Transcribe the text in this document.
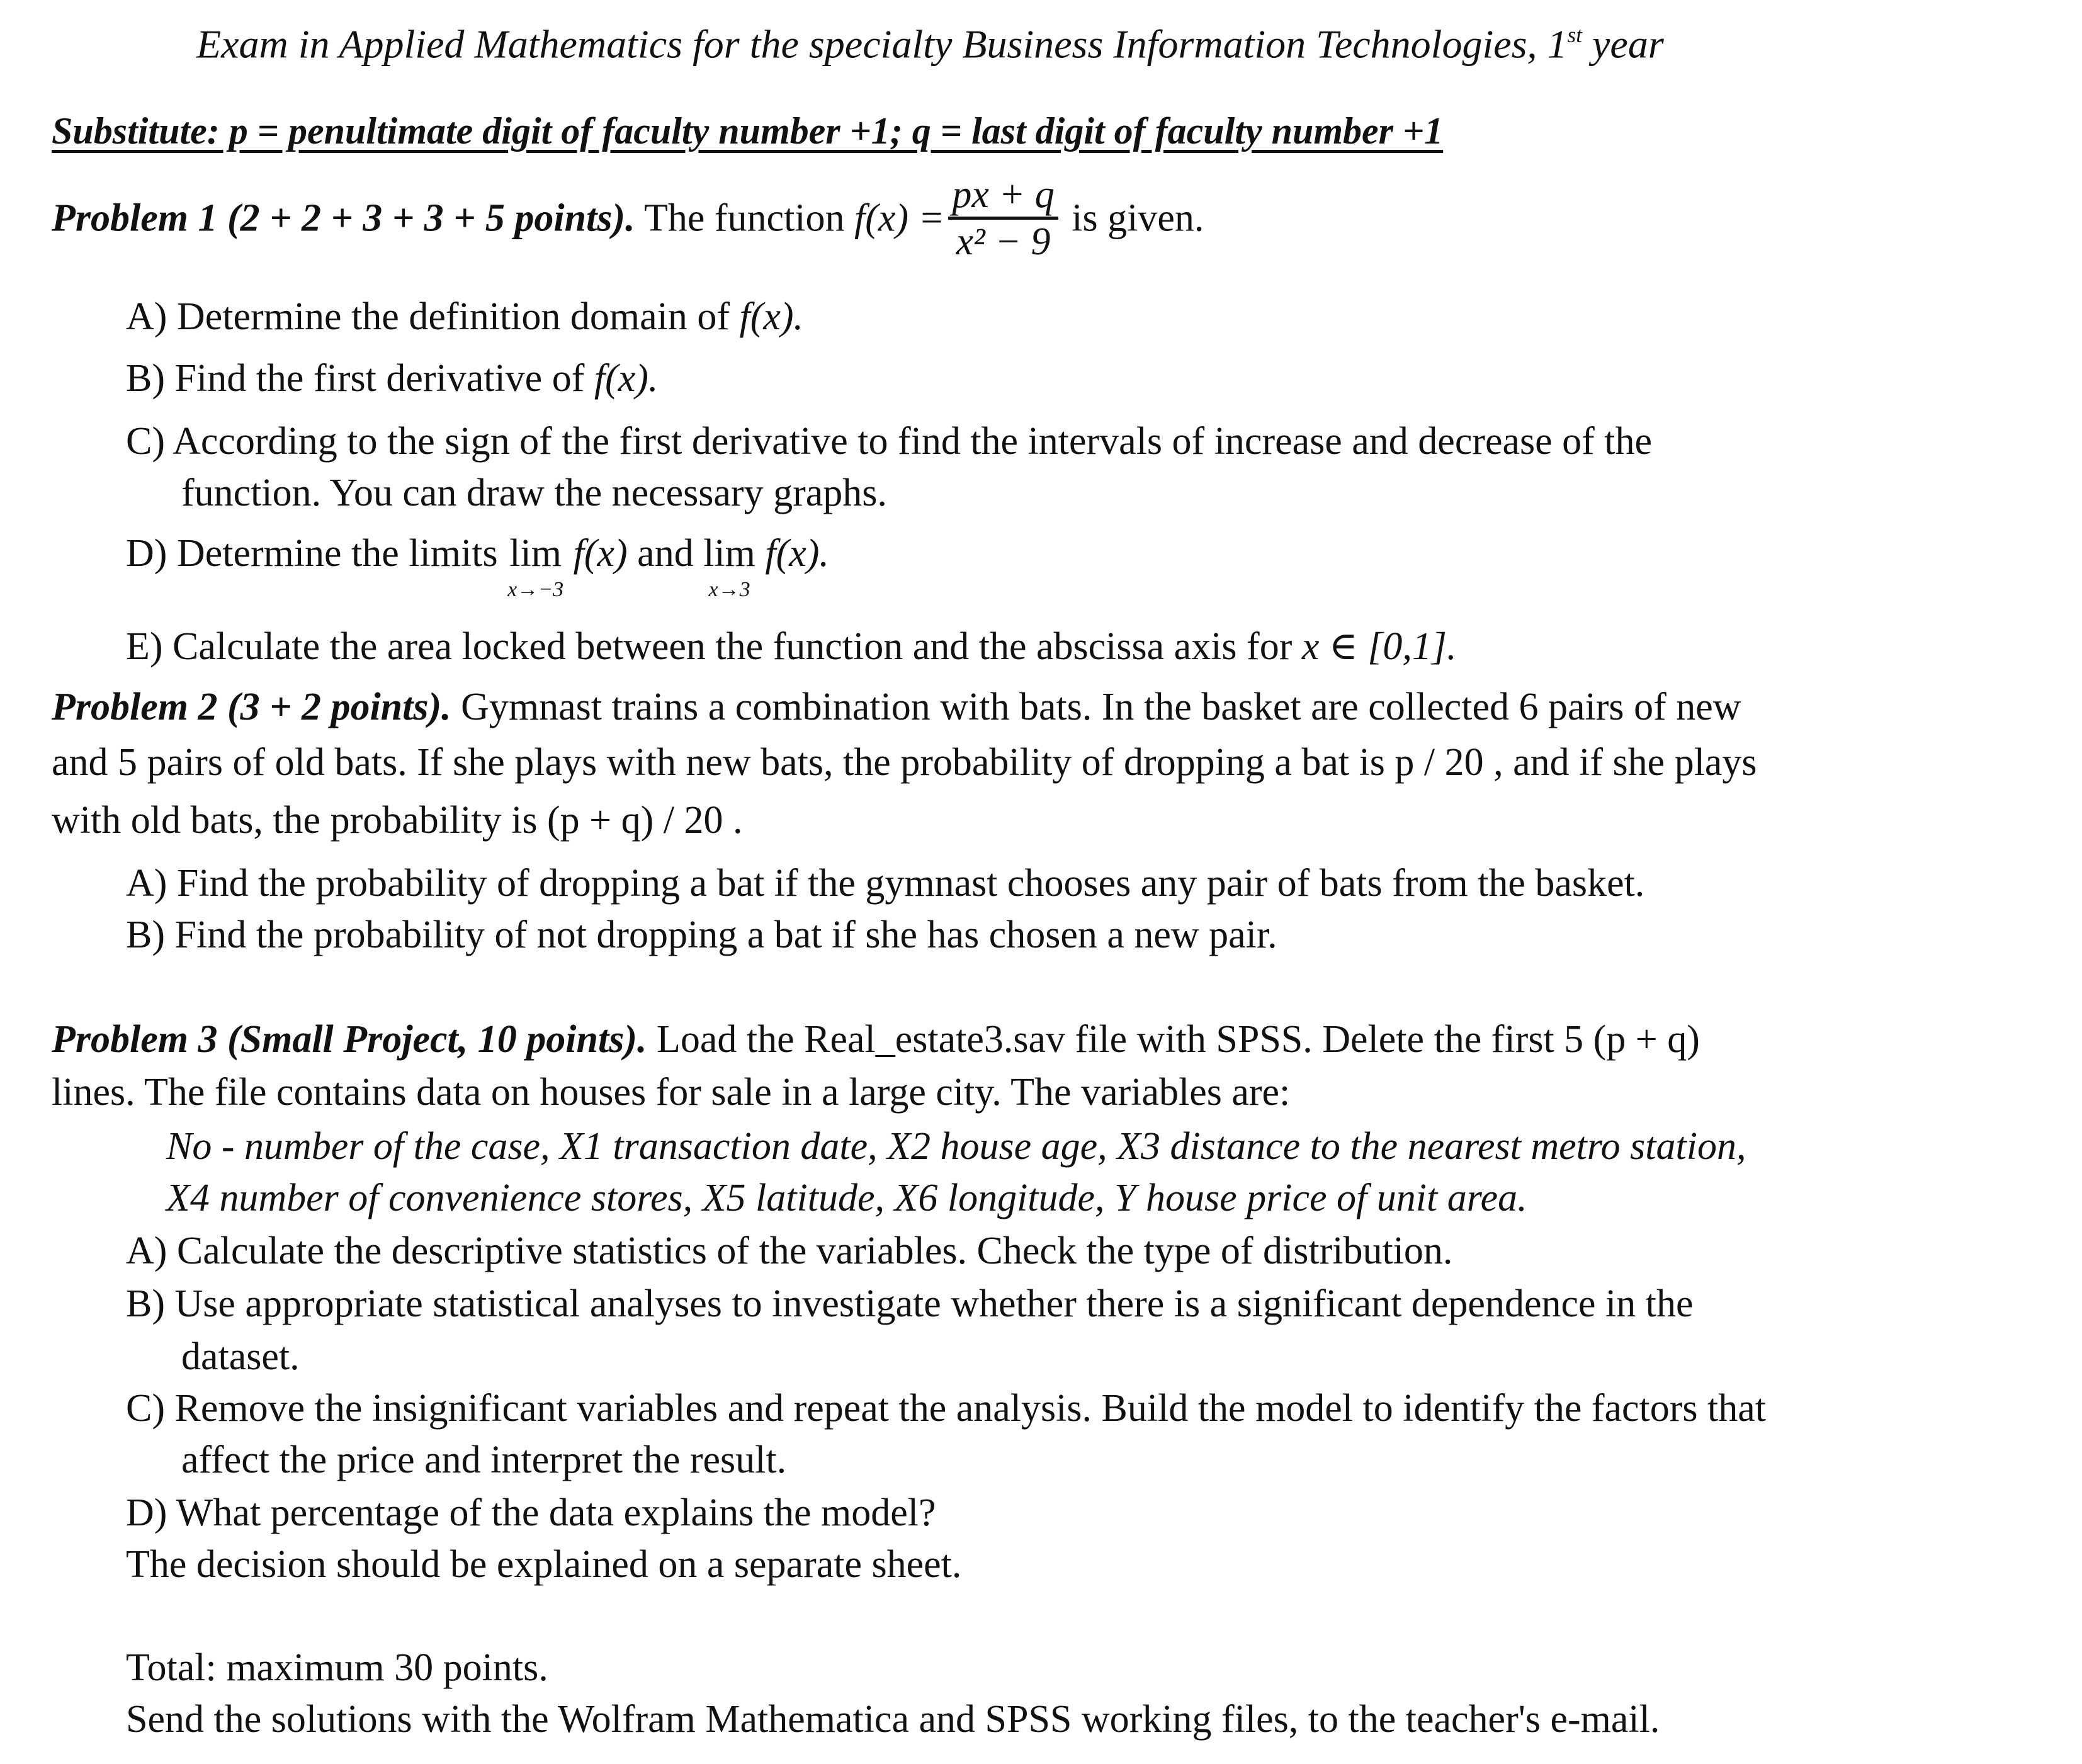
Exam in Applied Mathematics for the specialty Business Information Technologies, 1st year
Substitute: p = penultimate digit of faculty number +1; q = last digit of faculty number +1
Problem 1 (2 + 2 + 3 + 3 + 5 points). The function $f(x) = \frac{px + q}{\text{x² − 9}}$ is given.
A) Determine the definition domain of f(x).
B) Find the first derivative of f(x).
C) According to the sign of the first derivative to find the intervals of increase and decrease of the
function. You can draw the necessary graphs.
D) Determine the limits lim
x→−3
f(x) and lim
x→3
f(x).
E) Calculate the area locked between the function and the abscissa axis for x ∈ [0,1].
Problem 2 (3 + 2 points). Gymnast trains a combination with bats. In the basket are collected 6 pairs of new
and 5 pairs of old bats. If she plays with new bats, the probability of dropping a bat is p / 20 , and if she plays
with old bats, the probability is (p + q) / 20 .
A) Find the probability of dropping a bat if the gymnast chooses any pair of bats from the basket.
B) Find the probability of not dropping a bat if she has chosen a new pair.
Problem 3 (Small Project, 10 points). Load the Real_estate3.sav file with SPSS. Delete the first 5 (p + q)
lines. The file contains data on houses for sale in a large city. The variables are:
No - number of the case, X1 transaction date, X2 house age, X3 distance to the nearest metro station,
X4 number of convenience stores, X5 latitude, X6 longitude, Y house price of unit area.
A) Calculate the descriptive statistics of the variables. Check the type of distribution.
B) Use appropriate statistical analyses to investigate whether there is a significant dependence in the
dataset.
C) Remove the insignificant variables and repeat the analysis. Build the model to identify the factors that
affect the price and interpret the result.
D) What percentage of the data explains the model?
The decision should be explained on a separate sheet.
Total: maximum 30 points.
Send the solutions with the Wolfram Mathematica and SPSS working files, to the teacher's e-mail.
